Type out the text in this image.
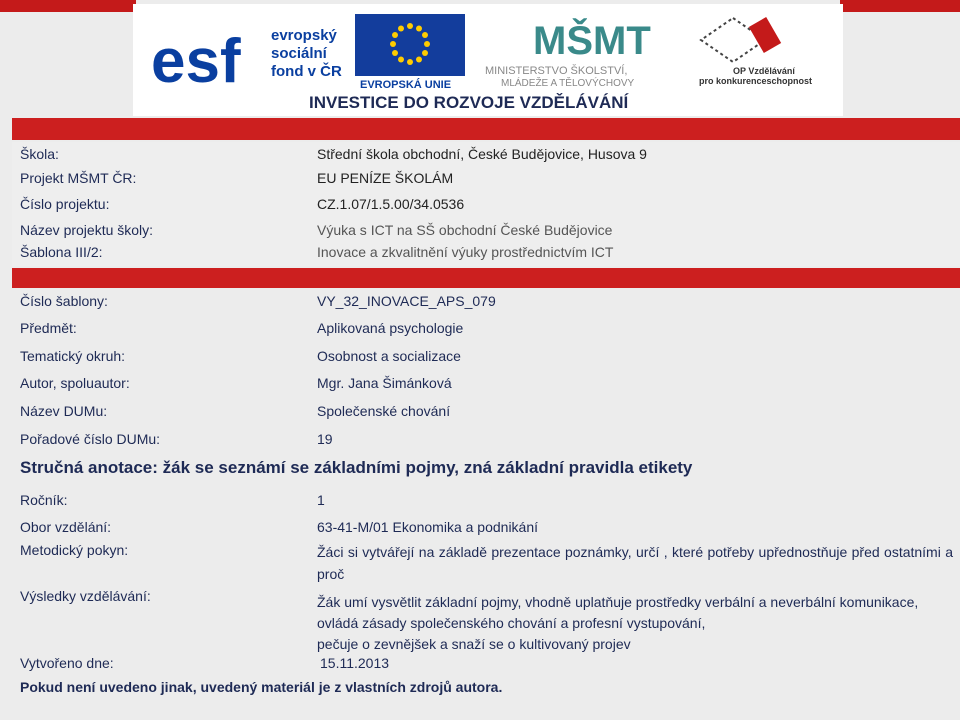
esf evropský
sociální
fond v ČR
EVROPSKÁ UNIE
MŠMT
MINISTERSTVO ŠKOLSTVÍ,
MLÁDEŽE A TĚLOVÝCHOVY
OP Vzdělávání
pro konkurenceschopnost
INVESTICE DO ROZVOJE VZDĚLÁVÁNÍ
Škola:	Střední škola obchodní, České Budějovice, Husova 9
Projekt MŠMT ČR:	EU PENÍZE ŠKOLÁM
Číslo projektu:	CZ.1.07/1.5.00/34.0536
Název projektu školy:	Výuka s ICT na SŠ obchodní České Budějovice
Šablona III/2:	Inovace a zkvalitnění výuky prostřednictvím ICT
Číslo šablony:	VY_32_INOVACE_APS_079
Předmět:	Aplikovaná psychologie
Tematický okruh:	Osobnost a socializace
Autor, spoluautor:	Mgr. Jana Šimánková
Název DUMu:	Společenské chování
Pořadové číslo DUMu:	19
Stručná anotace: žák se seznámí se základními pojmy, zná základní pravidla etikety
Ročník:	1
Obor vzdělání:	63-41-M/01 Ekonomika a podnikání
Metodický pokyn:	Žáci si vytvářejí na základě prezentace poznámky, určí , které potřeby upřednostňuje před ostatními a proč
Výsledky vzdělávání:	Žák umí vysvětlit základní pojmy, vhodně uplatňuje prostředky verbální a neverbální komunikace,
ovládá zásady společenského chování a profesní vystupování,
pečuje o zevnějšek a snaží se o kultivovaný projev
Vytvořeno dne:	15.11.2013
Pokud není uvedeno jinak, uvedený materiál je z vlastních zdrojů autora.
